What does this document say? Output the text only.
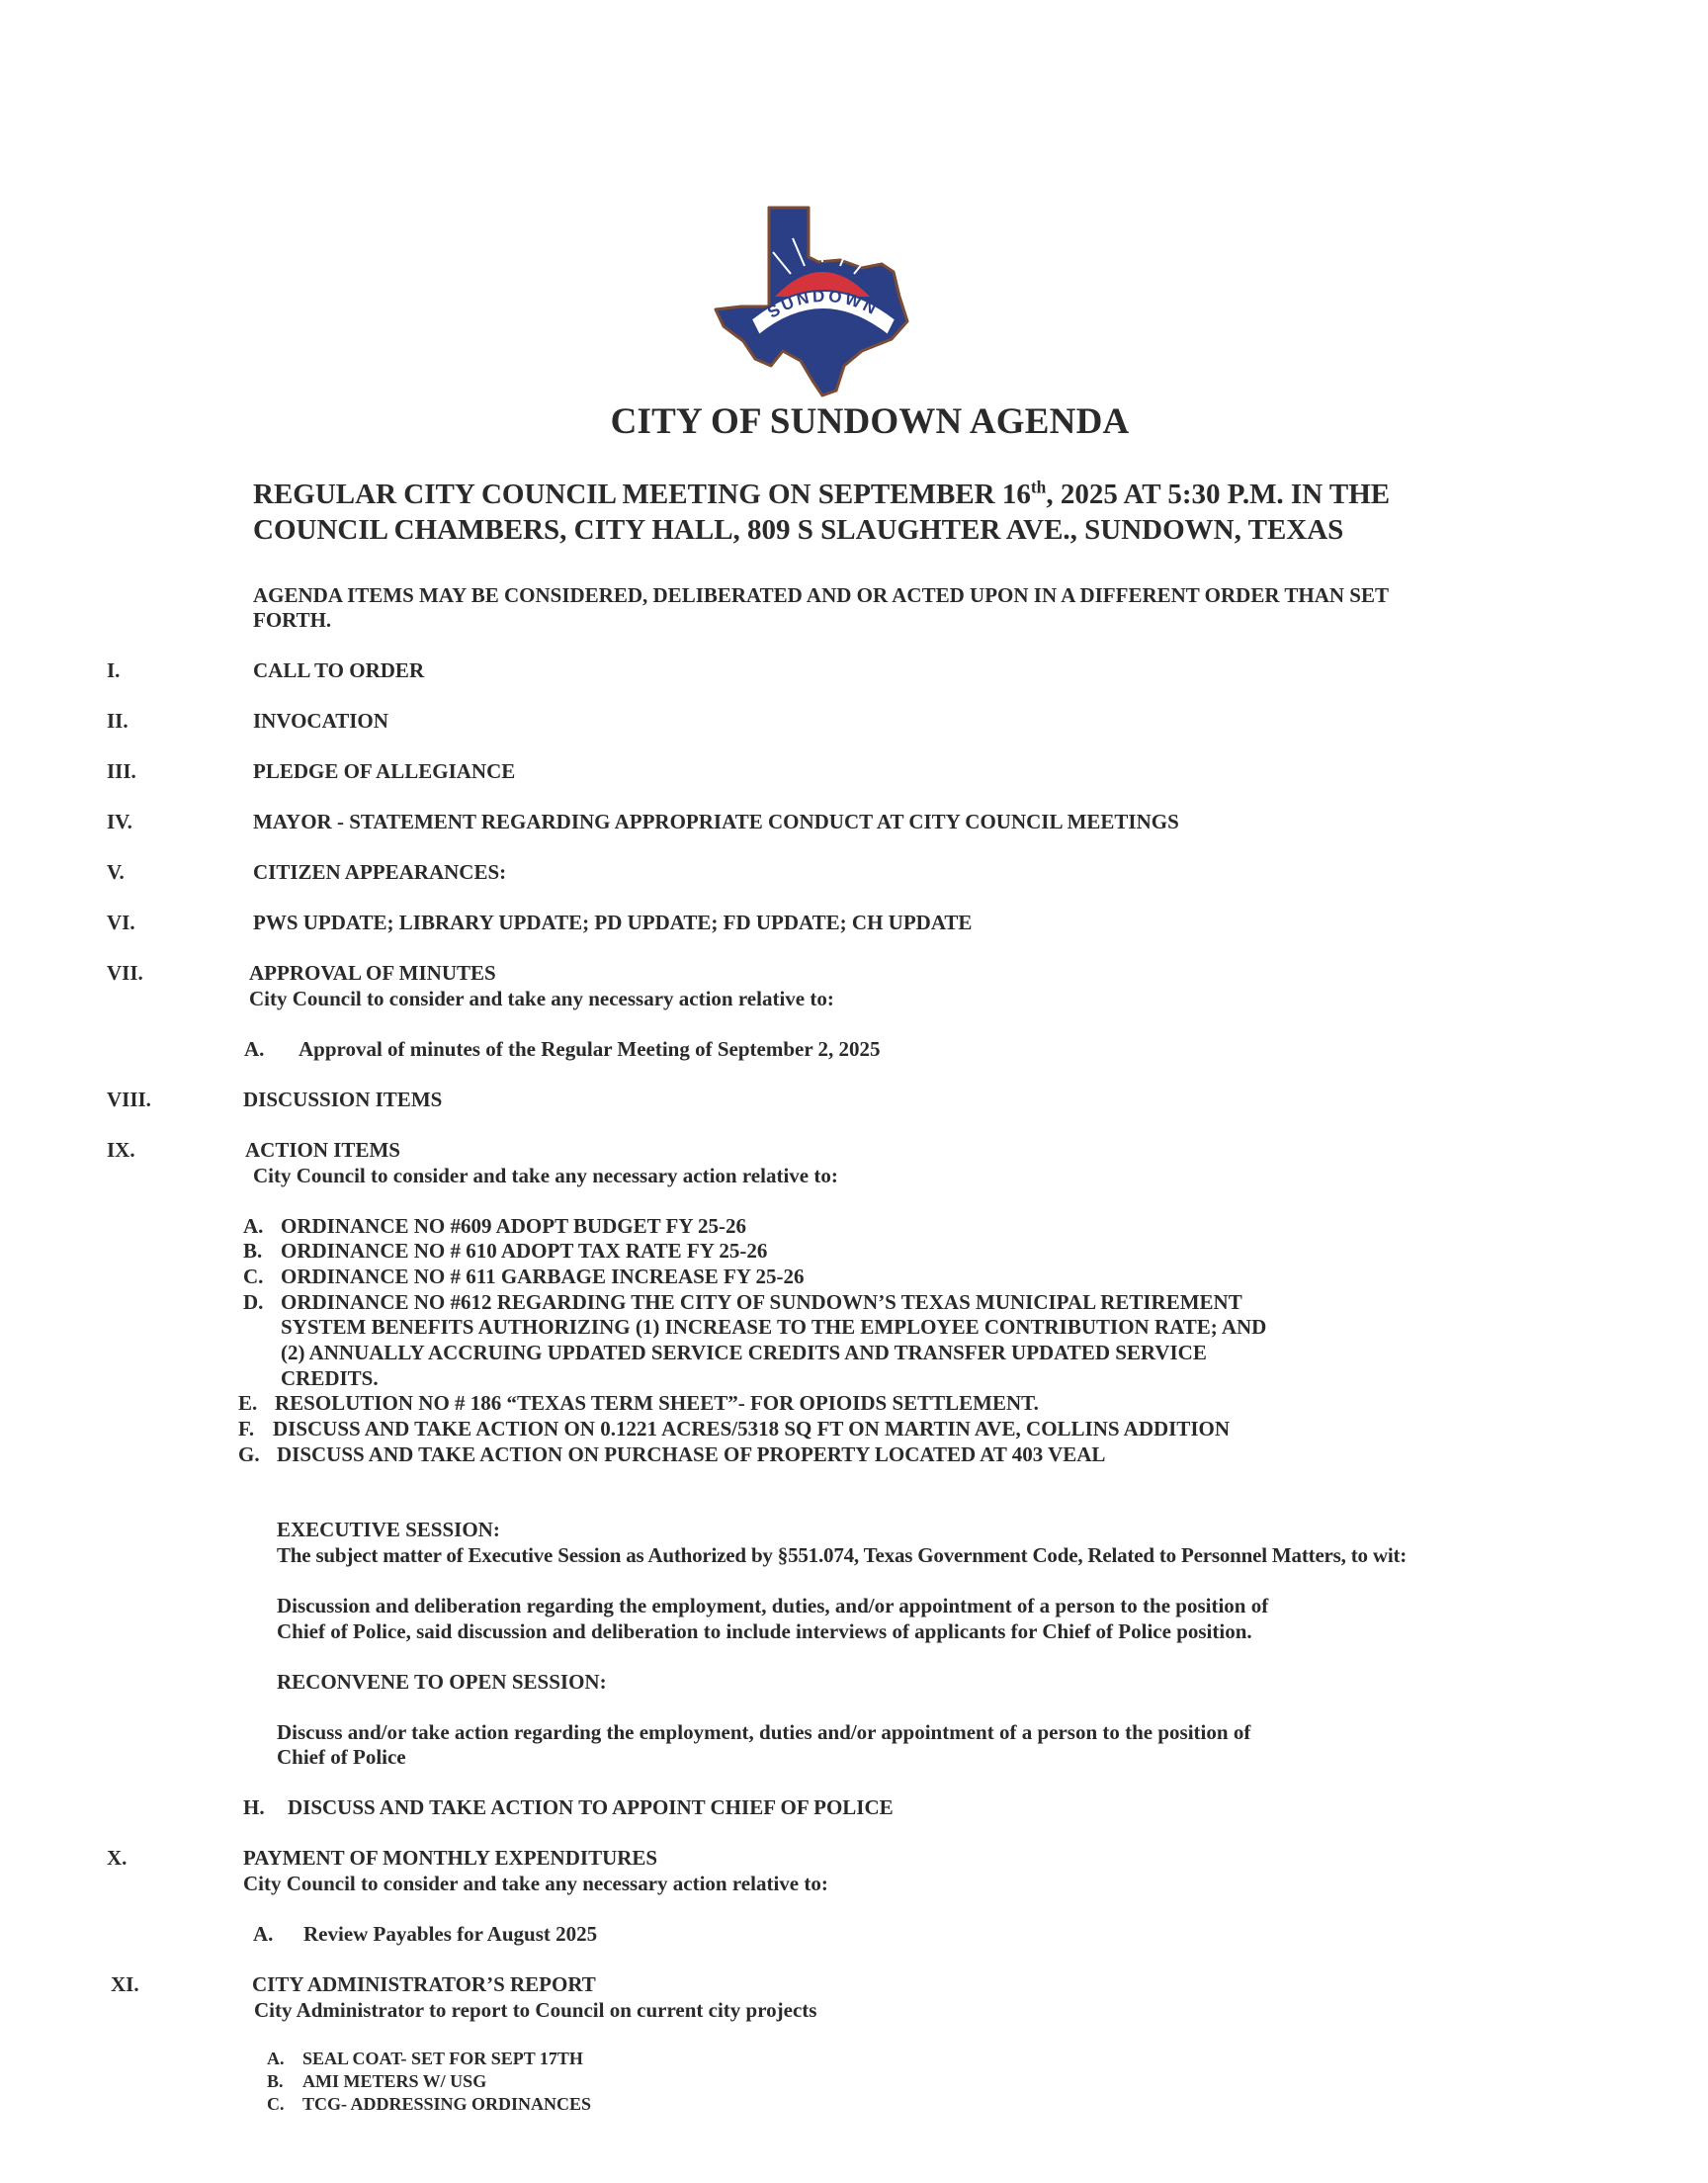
SUNDOWN
CITY OF SUNDOWN AGENDA
REGULAR CITY COUNCIL MEETING ON SEPTEMBER 16th, 2025 AT 5:30 P.M. IN THE
COUNCIL CHAMBERS, CITY HALL, 809 S SLAUGHTER AVE., SUNDOWN, TEXAS
AGENDA ITEMS MAY BE CONSIDERED, DELIBERATED AND OR ACTED UPON IN A DIFFERENT ORDER THAN SET
FORTH.
I.	CALL TO ORDER
II.	INVOCATION
III.	PLEDGE OF ALLEGIANCE
IV.	MAYOR - STATEMENT REGARDING APPROPRIATE CONDUCT AT CITY COUNCIL MEETINGS
V.	CITIZEN APPEARANCES:
VI.	PWS UPDATE; LIBRARY UPDATE; PD UPDATE; FD UPDATE; CH UPDATE
VII.	APPROVAL OF MINUTES
City Council to consider and take any necessary action relative to:
A. Approval of minutes of the Regular Meeting of September 2, 2025
VIII.	DISCUSSION ITEMS
IX.	ACTION ITEMS
City Council to consider and take any necessary action relative to:
A. ORDINANCE NO #609 ADOPT BUDGET FY 25-26
B. ORDINANCE NO # 610 ADOPT TAX RATE FY 25-26
C. ORDINANCE NO # 611 GARBAGE INCREASE FY 25-26
D. ORDINANCE NO #612 REGARDING THE CITY OF SUNDOWN’S TEXAS MUNICIPAL RETIREMENT
SYSTEM BENEFITS AUTHORIZING (1) INCREASE TO THE EMPLOYEE CONTRIBUTION RATE; AND
(2) ANNUALLY ACCRUING UPDATED SERVICE CREDITS AND TRANSFER UPDATED SERVICE
CREDITS.
E. RESOLUTION NO # 186 “TEXAS TERM SHEET”- FOR OPIOIDS SETTLEMENT.
F. DISCUSS AND TAKE ACTION ON 0.1221 ACRES/5318 SQ FT ON MARTIN AVE, COLLINS ADDITION
G. DISCUSS AND TAKE ACTION ON PURCHASE OF PROPERTY LOCATED AT 403 VEAL
EXECUTIVE SESSION:
The subject matter of Executive Session as Authorized by §551.074, Texas Government Code, Related to Personnel Matters, to wit:
Discussion and deliberation regarding the employment, duties, and/or appointment of a person to the position of
Chief of Police, said discussion and deliberation to include interviews of applicants for Chief of Police position.
RECONVENE TO OPEN SESSION:
Discuss and/or take action regarding the employment, duties and/or appointment of a person to the position of
Chief of Police
H. DISCUSS AND TAKE ACTION TO APPOINT CHIEF OF POLICE
X.	PAYMENT OF MONTHLY EXPENDITURES
City Council to consider and take any necessary action relative to:
A. Review Payables for August 2025
XI.	CITY ADMINISTRATOR’S REPORT
City Administrator to report to Council on current city projects
A. SEAL COAT- SET FOR SEPT 17TH
B. AMI METERS W/ USG
C. TCG- ADDRESSING ORDINANCES
